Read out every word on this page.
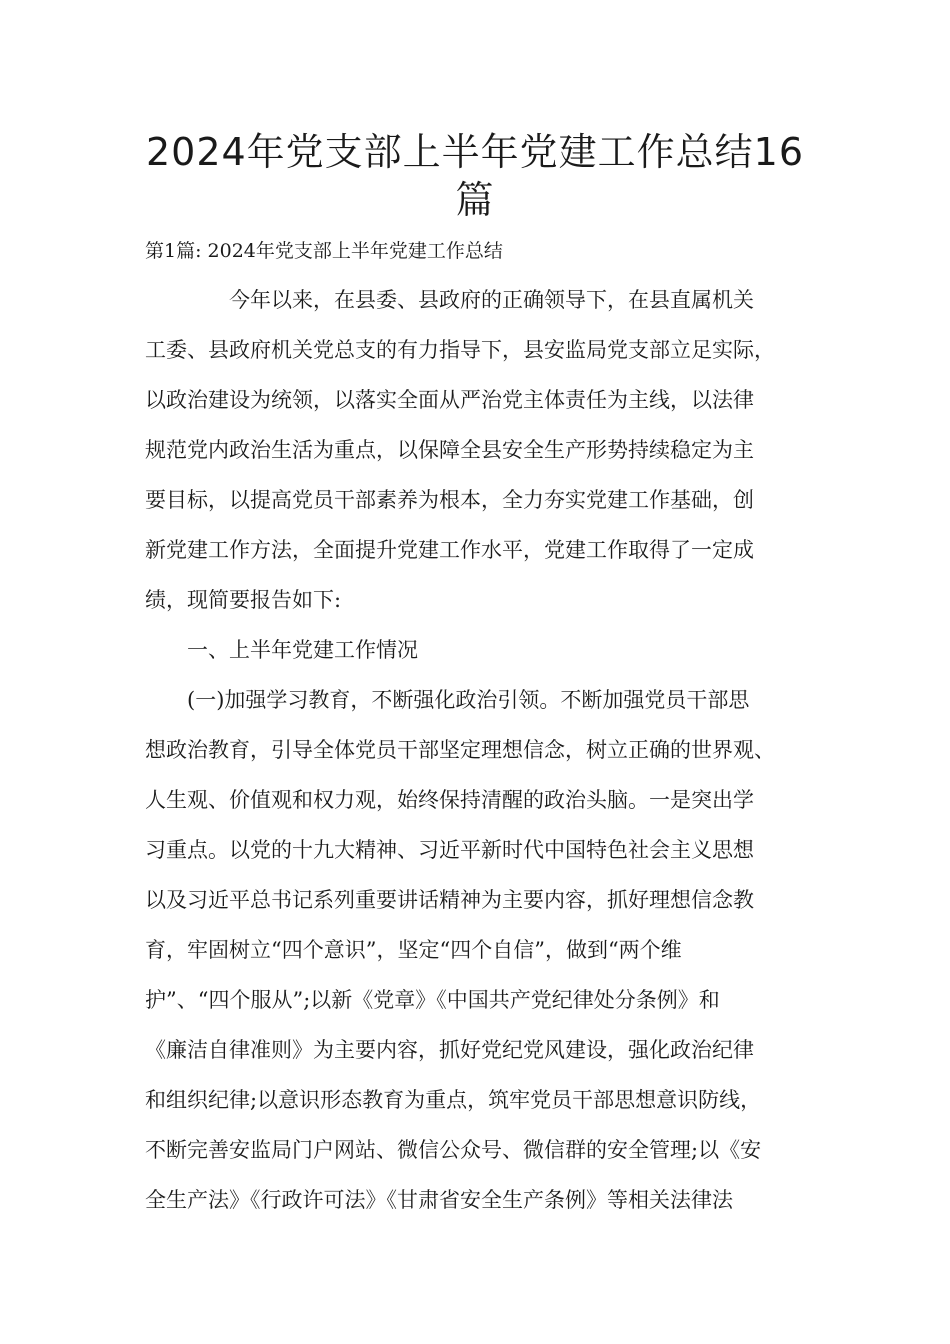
2024年党支部上半年党建工作总结16
篇

第1篇: 2024年党支部上半年党建工作总结

　　　　今年以来，在县委、县政府的正确领导下，在县直属机关

工委、县政府机关党总支的有力指导下，县安监局党支部立足实际，

以政治建设为统领，以落实全面从严治党主体责任为主线，以法律

规范党内政治生活为重点，以保障全县安全生产形势持续稳定为主

要目标，以提高党员干部素养为根本，全力夯实党建工作基础，创

新党建工作方法，全面提升党建工作水平，党建工作取得了一定成

绩，现简要报告如下:

　　一、上半年党建工作情况

　　(一)加强学习教育，不断强化政治引领。不断加强党员干部思

想政治教育，引导全体党员干部坚定理想信念，树立正确的世界观、

人生观、价值观和权力观，始终保持清醒的政治头脑。一是突出学

习重点。以党的十九大精神、习近平新时代中国特色社会主义思想

以及习近平总书记系列重要讲话精神为主要内容，抓好理想信念教

育，牢固树立“四个意识”，坚定“四个自信”，做到“两个维

护”、“四个服从”;以新《党章》《中国共产党纪律处分条例》和

《廉洁自律准则》为主要内容，抓好党纪党风建设，强化政治纪律

和组织纪律;以意识形态教育为重点，筑牢党员干部思想意识防线，

不断完善安监局门户网站、微信公众号、微信群的安全管理;以《安

全生产法》《行政许可法》《甘肃省安全生产条例》等相关法律法
